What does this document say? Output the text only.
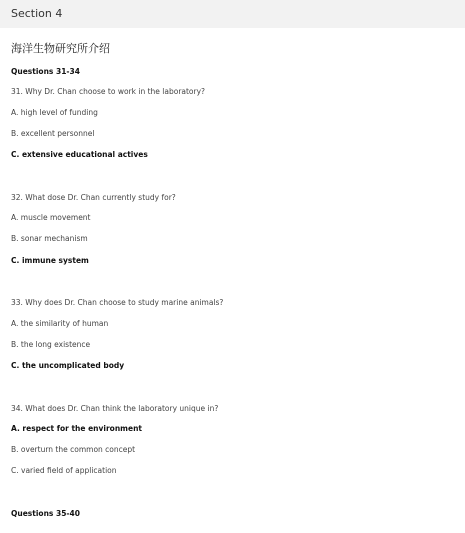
Section 4
海洋生物研究所介绍
Questions 31-34
31. Why Dr. Chan choose to work in the laboratory?
A. high level of funding
B. excellent personnel
C. extensive educational actives
32. What dose Dr. Chan currently study for?
A. muscle movement
B. sonar mechanism
C. immune system
33. Why does Dr. Chan choose to study marine animals?
A. the similarity of human
B. the long existence
C. the uncomplicated body
34. What does Dr. Chan think the laboratory unique in?
A. respect for the environment
B. overturn the common concept
C. varied field of application
Questions 35-40
